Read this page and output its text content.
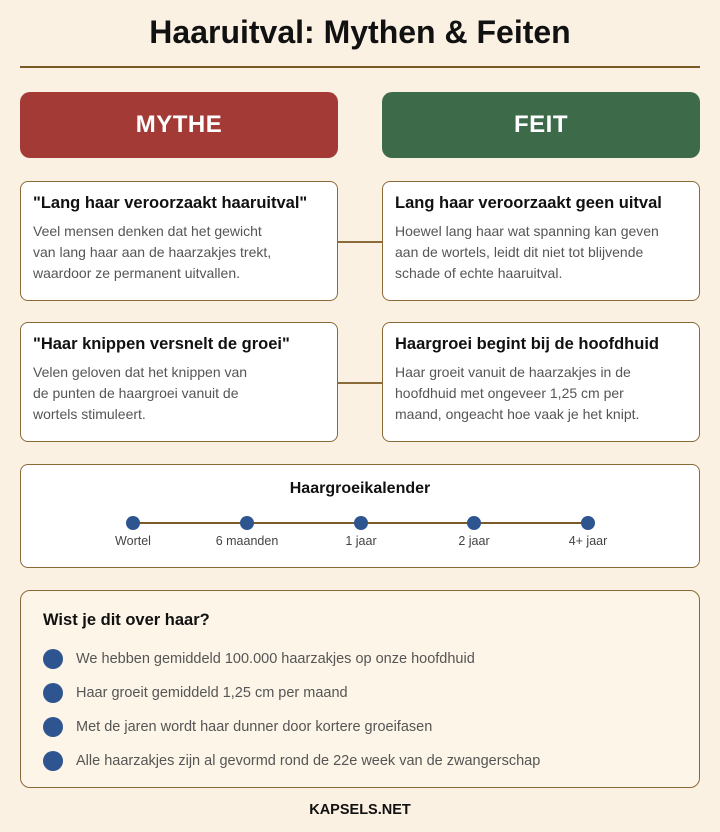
Haaruitval: Mythen & Feiten
MYTHE	FEIT
"Lang haar veroorzaakt haaruitval"
Veel mensen denken dat het gewicht
van lang haar aan de haarzakjes trekt,
waardoor ze permanent uitvallen.
Lang haar veroorzaakt geen uitval
Hoewel lang haar wat spanning kan geven
aan de wortels, leidt dit niet tot blijvende
schade of echte haaruitval.
"Haar knippen versnelt de groei"
Velen geloven dat het knippen van
de punten de haargroei vanuit de
wortels stimuleert.
Haargroei begint bij de hoofdhuid
Haar groeit vanuit de haarzakjes in de
hoofdhuid met ongeveer 1,25 cm per
maand, ongeacht hoe vaak je het knipt.
Haargroeikalender
Wortel	6 maanden	1 jaar	2 jaar	4+ jaar
Wist je dit over haar?
We hebben gemiddeld 100.000 haarzakjes op onze hoofdhuid
Haar groeit gemiddeld 1,25 cm per maand
Met de jaren wordt haar dunner door kortere groeifasen
Alle haarzakjes zijn al gevormd rond de 22e week van de zwangerschap
KAPSELS.NET
